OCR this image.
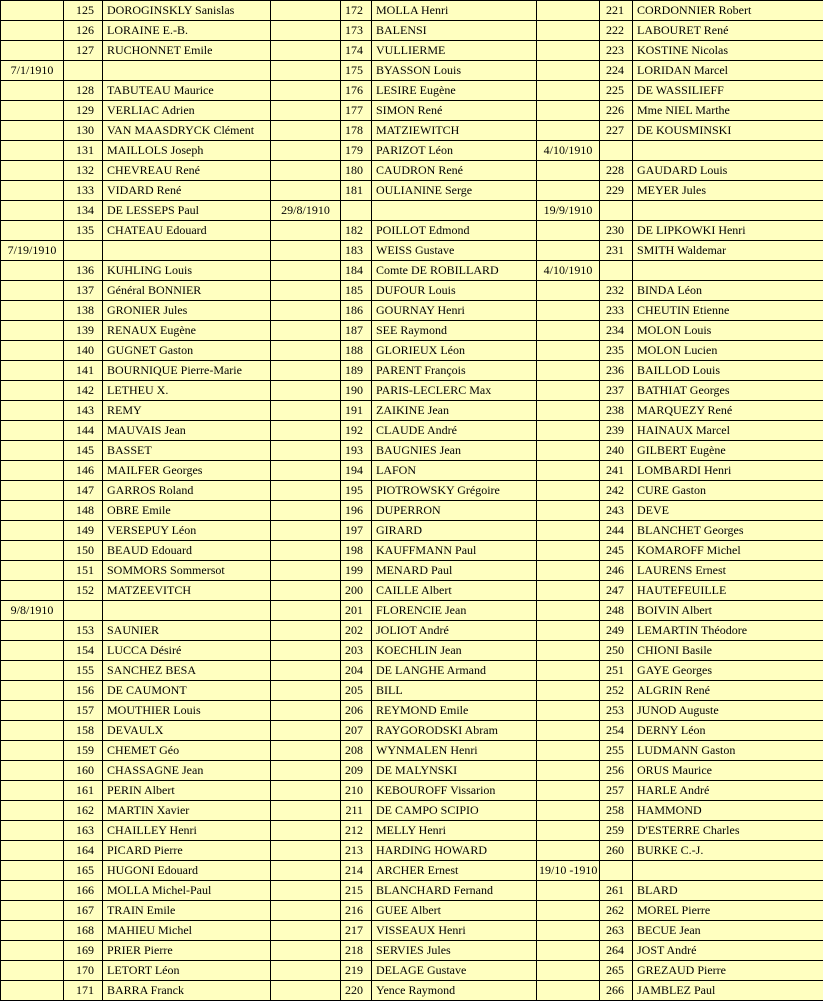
	125	DOROGINSKLY Sanislas		172	MOLLA Henri		221	CORDONNIER Robert
	126	LORAINE E.-B.		173	BALENSI		222	LABOURET René
	127	RUCHONNET Emile		174	VULLIERME		223	KOSTINE Nicolas
7/1/1910				175	BYASSON Louis		224	LORIDAN Marcel
	128	TABUTEAU Maurice		176	LESIRE Eugène		225	DE WASSILIEFF
	129	VERLIAC Adrien		177	SIMON René		226	Mme NIEL Marthe
	130	VAN MAASDRYCK Clément		178	MATZIEWITCH		227	DE KOUSMINSKI
	131	MAILLOLS Joseph		179	PARIZOT Léon	4/10/1910		
	132	CHEVREAU René		180	CAUDRON René		228	GAUDARD Louis
	133	VIDARD René		181	OULIANINE Serge		229	MEYER Jules
	134	DE LESSEPS Paul	29/8/1910			19/9/1910		
	135	CHATEAU Edouard		182	POILLOT Edmond		230	DE LIPKOWKI Henri
7/19/1910				183	WEISS Gustave		231	SMITH Waldemar
	136	KUHLING Louis		184	Comte DE ROBILLARD	4/10/1910		
	137	Général BONNIER		185	DUFOUR Louis		232	BINDA Léon
	138	GRONIER Jules		186	GOURNAY Henri		233	CHEUTIN Etienne
	139	RENAUX Eugène		187	SEE Raymond		234	MOLON Louis
	140	GUGNET Gaston		188	GLORIEUX Léon		235	MOLON Lucien
	141	BOURNIQUE Pierre-Marie		189	PARENT François		236	BAILLOD Louis
	142	LETHEU X.		190	PARIS-LECLERC Max		237	BATHIAT Georges
	143	REMY		191	ZAIKINE Jean		238	MARQUEZY René
	144	MAUVAIS Jean		192	CLAUDE André		239	HAINAUX Marcel
	145	BASSET		193	BAUGNIES Jean		240	GILBERT Eugène
	146	MAILFER Georges		194	LAFON		241	LOMBARDI Henri
	147	GARROS Roland		195	PIOTROWSKY Grégoire		242	CURE Gaston
	148	OBRE Emile		196	DUPERRON		243	DEVE
	149	VERSEPUY Léon		197	GIRARD		244	BLANCHET Georges
	150	BEAUD Edouard		198	KAUFFMANN Paul		245	KOMAROFF Michel
	151	SOMMORS Sommersot		199	MENARD Paul		246	LAURENS Ernest
	152	MATZEEVITCH		200	CAILLE Albert		247	HAUTEFEUILLE
9/8/1910				201	FLORENCIE Jean		248	BOIVIN Albert
	153	SAUNIER		202	JOLIOT André		249	LEMARTIN Théodore
	154	LUCCA Désiré		203	KOECHLIN Jean		250	CHIONI Basile
	155	SANCHEZ BESA		204	DE LANGHE Armand		251	GAYE Georges
	156	DE CAUMONT		205	BILL		252	ALGRIN René
	157	MOUTHIER Louis		206	REYMOND Emile		253	JUNOD Auguste
	158	DEVAULX		207	RAYGORODSKI Abram		254	DERNY Léon
	159	CHEMET Géo		208	WYNMALEN Henri		255	LUDMANN Gaston
	160	CHASSAGNE Jean		209	DE MALYNSKI		256	ORUS Maurice
	161	PERIN Albert		210	KEBOUROFF Vissarion		257	HARLE André
	162	MARTIN Xavier		211	DE CAMPO SCIPIO		258	HAMMOND
	163	CHAILLEY Henri		212	MELLY Henri		259	D'ESTERRE Charles
	164	PICARD Pierre		213	HARDING HOWARD		260	BURKE C.-J.
	165	HUGONI Edouard		214	ARCHER Ernest	19/10 -1910		
	166	MOLLA Michel-Paul		215	BLANCHARD Fernand		261	BLARD
	167	TRAIN Emile		216	GUEE Albert		262	MOREL Pierre
	168	MAHIEU Michel		217	VISSEAUX Henri		263	BECUE Jean
	169	PRIER Pierre		218	SERVIES Jules		264	JOST André
	170	LETORT Léon		219	DELAGE Gustave		265	GREZAUD Pierre
	171	BARRA Franck		220	Yence Raymond		266	JAMBLEZ Paul
